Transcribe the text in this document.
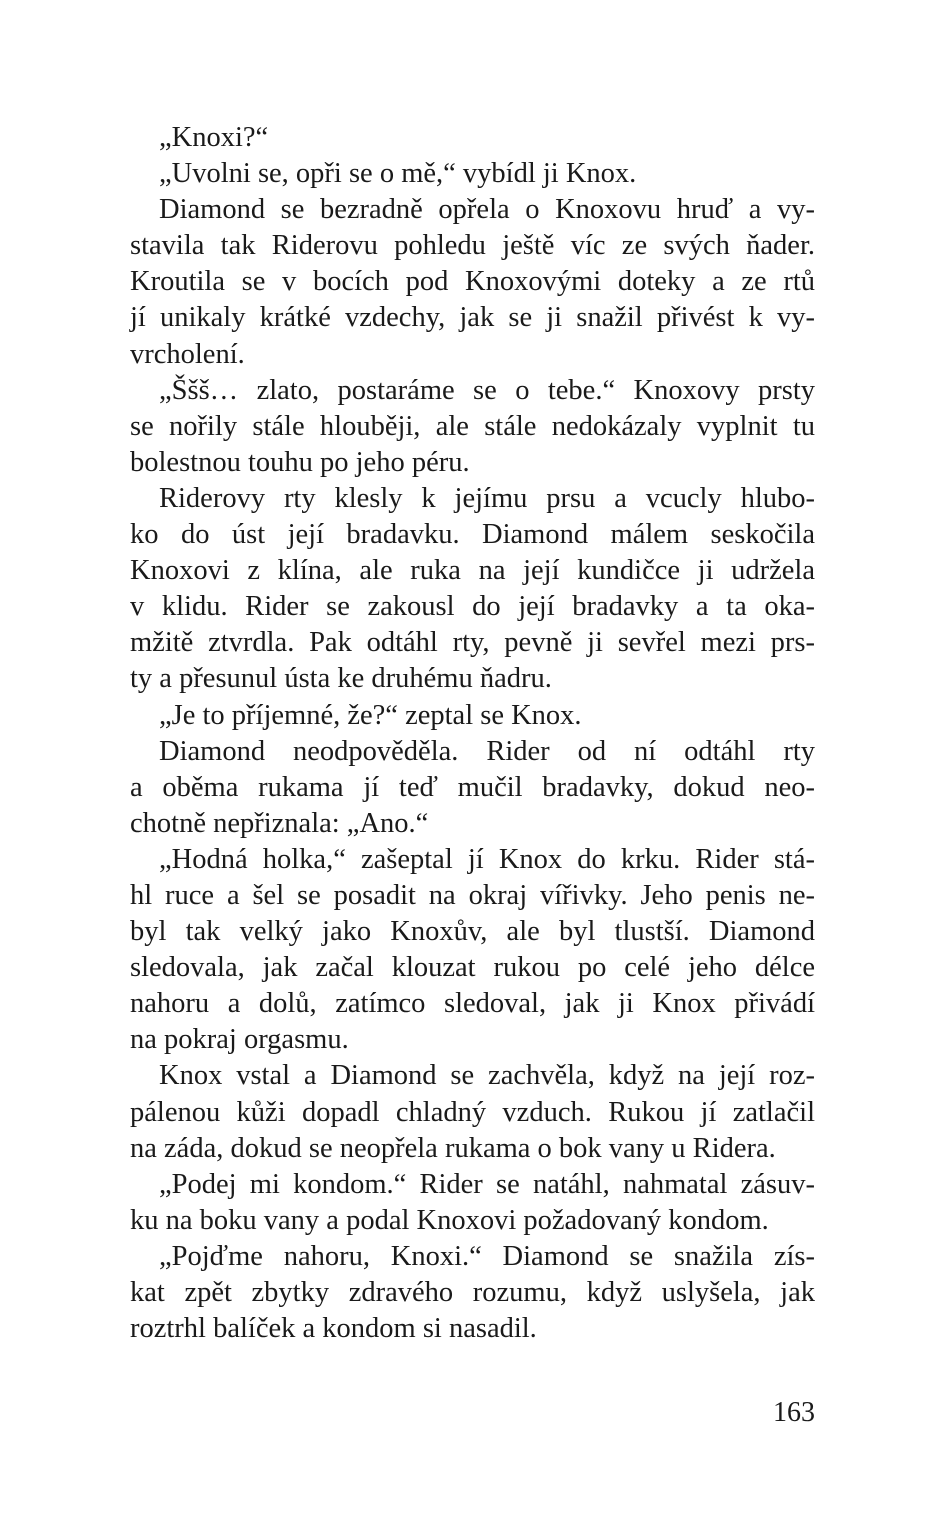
„Knoxi?“
„Uvolni se, opři se o mě,“ vybídl ji Knox.
Diamond se bezradně opřela o Knoxovu hruď a vy-
stavila tak Riderovu pohledu ještě víc ze svých ňader.
Kroutila se v bocích pod Knoxovými doteky a ze rtů
jí unikaly krátké vzdechy, jak se ji snažil přivést k vy-
vrcholení.
„Ššš… zlato, postaráme se o tebe.“ Knoxovy prsty
se nořily stále hlouběji, ale stále nedokázaly vyplnit tu
bolestnou touhu po jeho péru.
Riderovy rty klesly k jejímu prsu a vcucly hlubo-
ko do úst její bradavku. Diamond málem seskočila
Knoxovi z klína, ale ruka na její kundičce ji udržela
v klidu. Rider se zakousl do její bradavky a ta oka-
mžitě ztvrdla. Pak odtáhl rty, pevně ji sevřel mezi prs-
ty a přesunul ústa ke druhému ňadru.
„Je to příjemné, že?“ zeptal se Knox.
Diamond neodpověděla. Rider od ní odtáhl rty
a oběma rukama jí teď mučil bradavky, dokud neo-
chotně nepřiznala: „Ano.“
„Hodná holka,“ zašeptal jí Knox do krku. Rider stá-
hl ruce a šel se posadit na okraj vířivky. Jeho penis ne-
byl tak velký jako Knoxův, ale byl tlustší. Diamond
sledovala, jak začal klouzat rukou po celé jeho délce
nahoru a dolů, zatímco sledoval, jak ji Knox přivádí
na pokraj orgasmu.
Knox vstal a Diamond se zachvěla, když na její roz-
pálenou kůži dopadl chladný vzduch. Rukou jí zatlačil
na záda, dokud se neopřela rukama o bok vany u Ridera.
„Podej mi kondom.“ Rider se natáhl, nahmatal zásuv-
ku na boku vany a podal Knoxovi požadovaný kondom.
„Pojďme nahoru, Knoxi.“ Diamond se snažila zís-
kat zpět zbytky zdravého rozumu, když uslyšela, jak
roztrhl balíček a kondom si nasadil.
163
